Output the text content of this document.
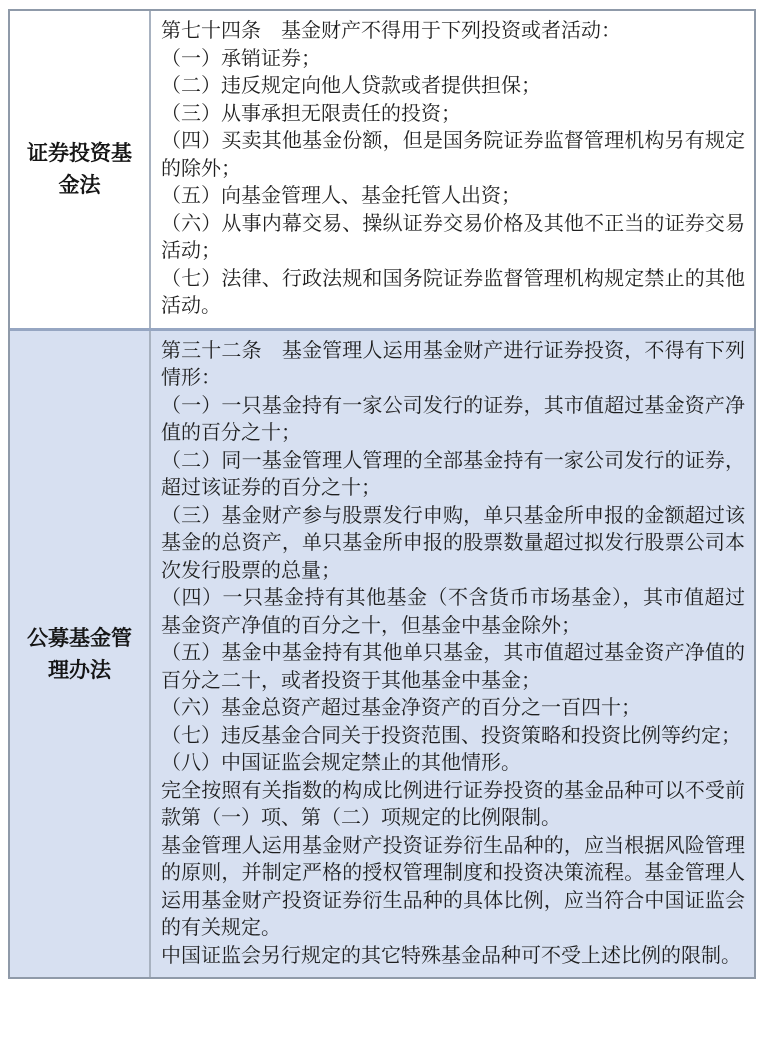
证券投资基金法

第七十四条　基金财产不得用于下列投资或者活动：

（一）承销证券；

（二）违反规定向他人贷款或者提供担保；

（三）从事承担无限责任的投资；

（四）买卖其他基金份额，但是国务院证券监督管理机构另有规定的除外；

（五）向基金管理人、基金托管人出资；

（六）从事内幕交易、操纵证券交易价格及其他不正当的证券交易活动；

（七）法律、行政法规和国务院证券监督管理机构规定禁止的其他活动。

公募基金管理办法

第三十二条　基金管理人运用基金财产进行证券投资，不得有下列情形：

（一）一只基金持有一家公司发行的证券，其市值超过基金资产净值的百分之十；

（二）同一基金管理人管理的全部基金持有一家公司发行的证券，超过该证券的百分之十；

（三）基金财产参与股票发行申购，单只基金所申报的金额超过该基金的总资产，单只基金所申报的股票数量超过拟发行股票公司本次发行股票的总量；

（四）一只基金持有其他基金（不含货币市场基金），其市值超过基金资产净值的百分之十，但基金中基金除外；

（五）基金中基金持有其他单只基金，其市值超过基金资产净值的百分之二十，或者投资于其他基金中基金；

（六）基金总资产超过基金净资产的百分之一百四十；

（七）违反基金合同关于投资范围、投资策略和投资比例等约定；

（八）中国证监会规定禁止的其他情形。

完全按照有关指数的构成比例进行证券投资的基金品种可以不受前款第（一）项、第（二）项规定的比例限制。

基金管理人运用基金财产投资证券衍生品种的，应当根据风险管理的原则，并制定严格的授权管理制度和投资决策流程。基金管理人运用基金财产投资证券衍生品种的具体比例，应当符合中国证监会的有关规定。

中国证监会另行规定的其它特殊基金品种可不受上述比例的限制。
